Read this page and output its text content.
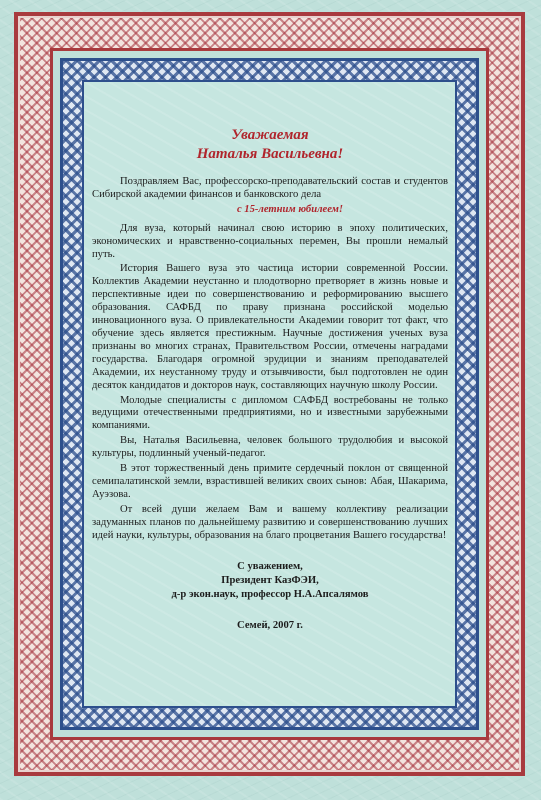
Уважаемая
Наталья Васильевна!

Поздравляем Вас, профессорско-преподавательский состав и студентов Сибирской академии финансов и банковского дела

с 15-летним юбилеем!

Для вуза, который начинал свою историю в эпоху политических, экономических и нравственно-социальных перемен, Вы прошли немалый путь.

История Вашего вуза это частица истории современной России. Коллектив Академии неустанно и плодотворно претворяет в жизнь новые и перспективные идеи по совершенствованию и реформированию высшего образования. САФБД по праву признана российской моделью инновационного вуза. О привлекательности Академии говорит тот факт, что обучение здесь является престижным. Научные достижения ученых вуза признаны во многих странах, Правительством России, отмечены наградами государства. Благодаря огромной эрудиции и знаниям преподавателей Академии, их неустанному труду и отзывчивости, был подготовлен не один десяток кандидатов и докторов наук, составляющих научную школу России.

Молодые специалисты с дипломом САФБД востребованы не только ведущими отечественными предприятиями, но и известными зарубежными компаниями.

Вы, Наталья Васильевна, человек большого трудолюбия и высокой культуры, подлинный ученый-педагог.

В этот торжественный день примите сердечный поклон от священной семипалатинской земли, взрастившей великих своих сынов: Абая, Шакарима, Ауэзова.

От всей души желаем Вам и вашему коллективу реализации задуманных планов по дальнейшему развитию и совершенствованию лучших идей науки, культуры, образования на благо процветания Вашего государства!

С уважением,
Президент КазФЭИ,
д-р экон.наук, профессор Н.А.Апсалямов
Семей, 2007 г.
